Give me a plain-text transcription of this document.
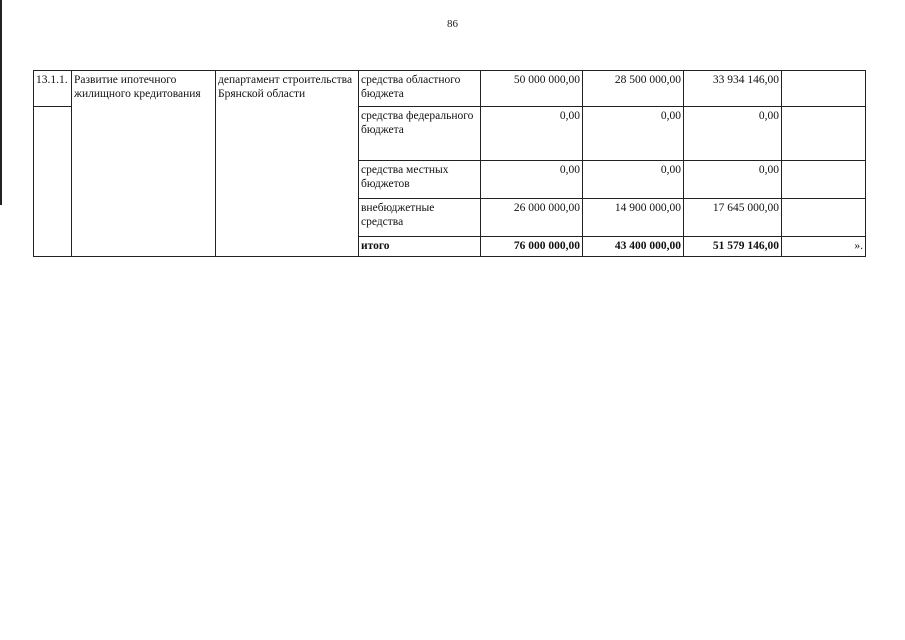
86
13.1.1.	Развитие ипотечного жилищного кредитования	департамент строительства Брянской области	средства областного бюджета	50 000 000,00	28 500 000,00	33 934 146,00	
			средства федерального бюджета	0,00	0,00	0,00	
			средства местных бюджетов	0,00	0,00	0,00	
			внебюджетные средства	26 000 000,00	14 900 000,00	17 645 000,00	
			итого	76 000 000,00	43 400 000,00	51 579 146,00	».
